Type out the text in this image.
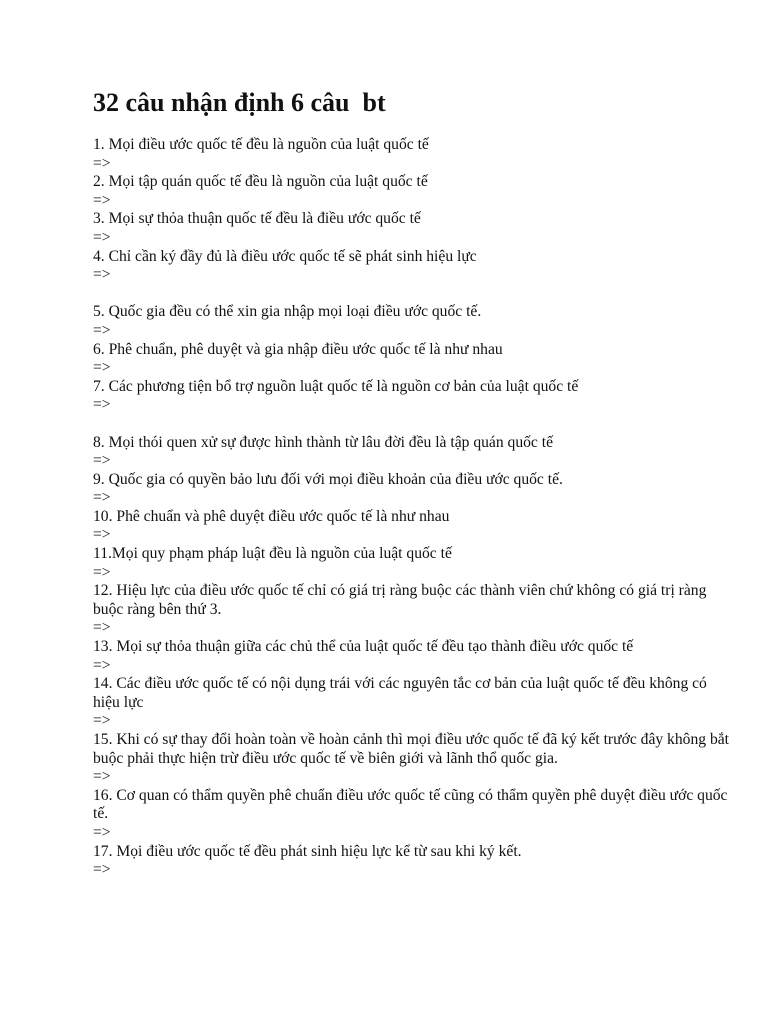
32 câu nhận định 6 câu  bt
1. Mọi điều ước quốc tế đều là nguồn của luật quốc tế
=>
2. Mọi tập quán quốc tế đều là nguồn của luật quốc tế
=>
3. Mọi sự thỏa thuận quốc tế đều là điều ước quốc tế
=>
4. Chỉ cần ký đầy đủ là điều ước quốc tế sẽ phát sinh hiệu lực
=>
5. Quốc gia đều có thể xin gia nhập mọi loại điều ước quốc tế.
=>
6. Phê chuẩn, phê duyệt và gia nhập điều ước quốc tế là như nhau
=>
7. Các phương tiện bổ trợ nguồn luật quốc tế là nguồn cơ bản của luật quốc tế
=>
8. Mọi thói quen xử sự được hình thành từ lâu đời đều là tập quán quốc tế
=>
9. Quốc gia có quyền bảo lưu đối với mọi điều khoản của điều ước quốc tế.
=>
10. Phê chuẩn và phê duyệt điều ước quốc tế là như nhau
=>
11.Mọi quy phạm pháp luật đều là nguồn của luật quốc tế
=>
12. Hiệu lực của điều ước quốc tế chỉ có giá trị ràng buộc các thành viên chứ không có giá trị ràng buộc ràng bên thứ 3.
=>
13. Mọi sự thỏa thuận giữa các chủ thể của luật quốc tế đều tạo thành điều ước quốc tế
=>
14. Các điều ước quốc tế có nội dụng trái với các nguyên tắc cơ bản của luật quốc tế đều không có hiệu lực
=>
15. Khi có sự thay đổi hoàn toàn về hoàn cảnh thì mọi điều ước quốc tế đã ký kết trước đây không bắt buộc phải thực hiện trừ điều ước quốc tế về biên giới và lãnh thổ quốc gia.
=>
16. Cơ quan có thẩm quyền phê chuẩn điều ước quốc tế cũng có thẩm quyền phê duyệt điều ước quốc tế.
=>
17. Mọi điều ước quốc tế đều phát sinh hiệu lực kể từ sau khi ký kết.
=>
